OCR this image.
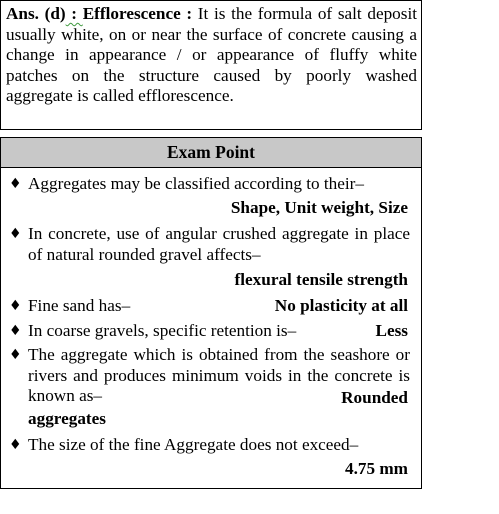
Ans. (d) : Efflorescence : It is the formula of salt deposit usually white, on or near the surface of concrete causing a change in appearance / or appearance of fluffy white patches on the structure caused by poorly washed aggregate is called efflorescence.
Exam Point
♦ Aggregates may be classified according to their–
Shape, Unit weight, Size
♦ In concrete, use of angular crushed aggregate in place of natural rounded gravel affects–
flexural tensile strength
♦ Fine sand has–	No plasticity at all
♦ In coarse gravels, specific retention is–	Less
♦ The aggregate which is obtained from the seashore or rivers and produces minimum voids in the concrete is known as–	Rounded
aggregates
♦ The size of the fine Aggregate does not exceed–
4.75 mm
